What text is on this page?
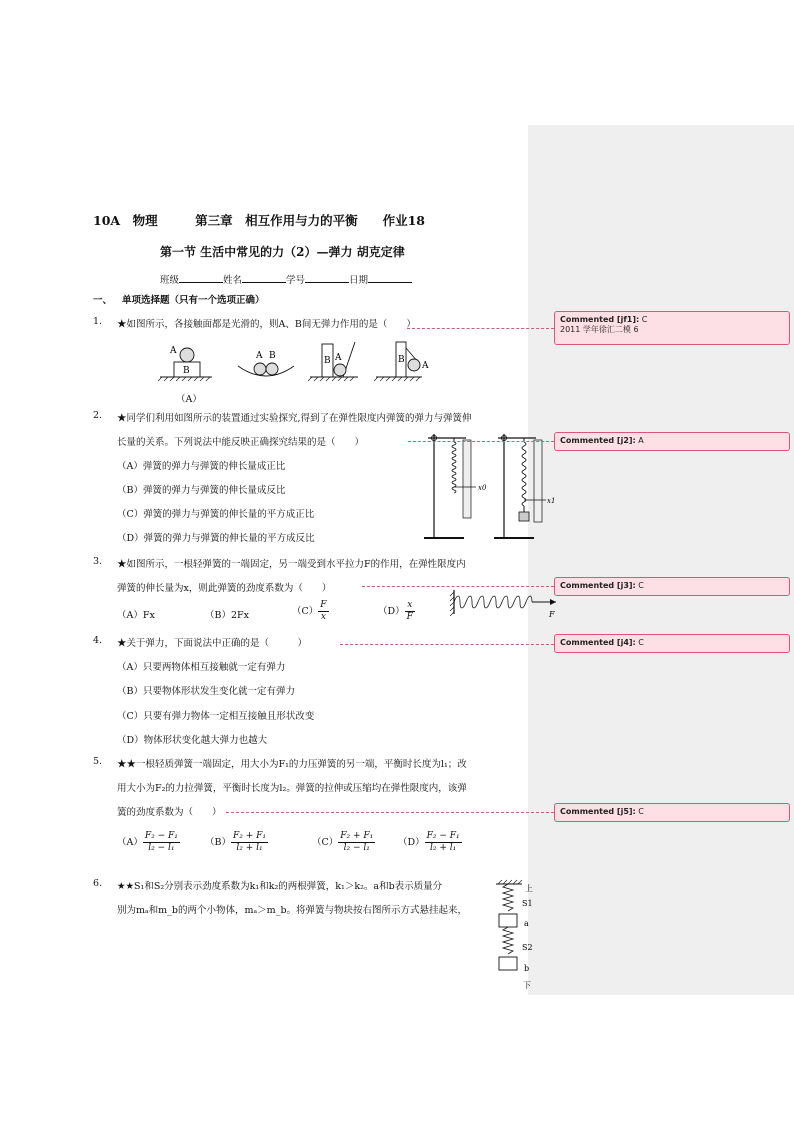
10A　物理　　　第三章　相互作用与力的平衡　　作业18
第一节 生活中常见的力（2）—弹力 胡克定律
班级	姓名	学号	日期
一、 单项选择题（只有一个选项正确）
1. ★如图所示，各接触面都是光滑的，则A、B间无弹力作用的是（　　）
A
B
A B	B A	B
A
（A）
2. ★同学们利用如图所示的装置通过实验探究,得到了在弹性限度内弹簧的弹力与弹簧伸
长量的关系。下列说法中能反映正确探究结果的是（　　）
（A）弹簧的弹力与弹簧的伸长量成正比
（B）弹簧的弹力与弹簧的伸长量成反比
（C）弹簧的弹力与弹簧的伸长量的平方成正比
（D）弹簧的弹力与弹簧的伸长量的平方成反比
x0
x1
3. ★如图所示，一根轻弹簧的一端固定，另一端受到水平拉力F的作用，在弹性限度内
弹簧的伸长量为x，则此弹簧的劲度系数为（　　）
（A）Fx	（B）2Fx	$(C) \frac{F}{x}$	$(D) \frac{x}{F}$	F
4. ★关于弹力，下面说法中正确的是（　　　）
（A）只要两物体相互接触就一定有弹力
（B）只要物体形状发生变化就一定有弹力
（C）只要有弹力物体一定相互接触且形状改变
（D）物体形状变化越大弹力也越大
5. ★★一根轻质弹簧一端固定，用大小为F₁的力压弹簧的另一端，平衡时长度为l₁；改
用大小为F₂的力拉弹簧，平衡时长度为l₂。弹簧的拉伸或压缩均在弹性限度内，该弹
簧的劲度系数为（　　）
$(A) \frac{\text{F₂ − F₁}}{\text{l₂ − l₁}}$	$(B) \frac{\text{F₂ + F₁}}{\text{l₂ + l₁}}$	$(C) \frac{\text{F₂ + F₁}}{\text{l₂ − l₁}} (D) \frac{\text{F₂ − F₁}}{\text{l₂ + l₁}}$
6. ★★S₁和S₂分别表示劲度系数为k₁和k₂的两根弹簧，k₁＞k₂。a和b表示质量分
别为mₐ和m_b的两个小物体，mₐ＞m_b。将弹簧与物块按右图所示方式悬挂起来，
上
S1
a
S2
b
下
Commented [jf1]: C
2011 学年徐汇二模 6
Commented [j2]: A
Commented [j3]: C
Commented [j4]: C
Commented [j5]: C
